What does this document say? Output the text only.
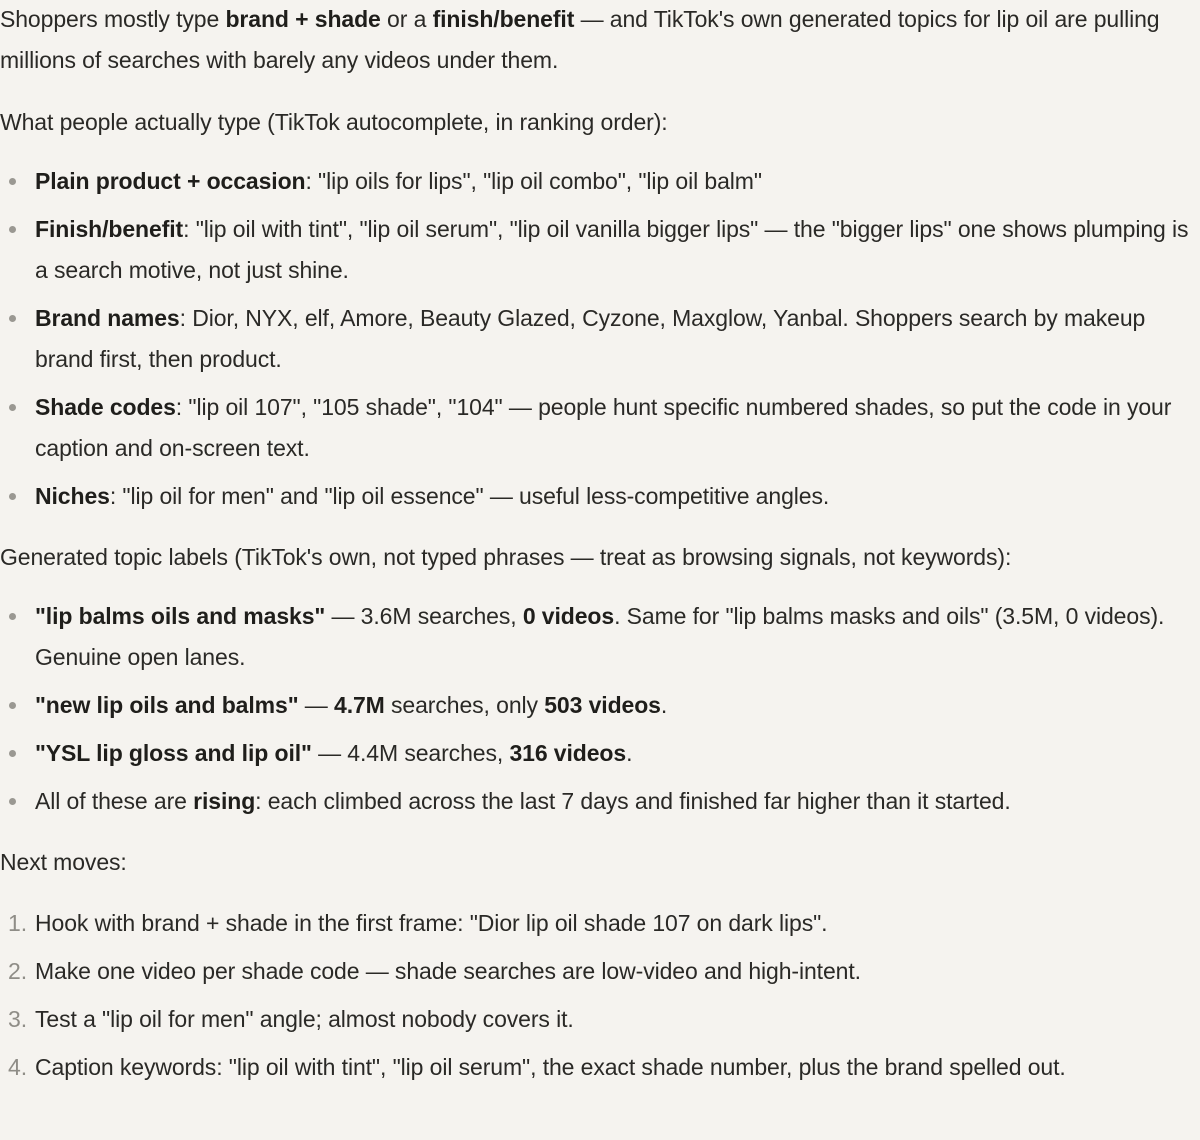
Shoppers mostly type brand + shade or a finish/benefit — and TikTok's own generated topics for lip oil are pulling millions of searches with barely any videos under them.

What people actually type (TikTok autocomplete, in ranking order):

Plain product + occasion: "lip oils for lips", "lip oil combo", "lip oil balm"
Finish/benefit: "lip oil with tint", "lip oil serum", "lip oil vanilla bigger lips" — the "bigger lips" one shows plumping is a search motive, not just shine.
Brand names: Dior, NYX, elf, Amore, Beauty Glazed, Cyzone, Maxglow, Yanbal. Shoppers search by makeup brand first, then product.
Shade codes: "lip oil 107", "105 shade", "104" — people hunt specific numbered shades, so put the code in your caption and on-screen text.
Niches: "lip oil for men" and "lip oil essence" — useful less-competitive angles.

Generated topic labels (TikTok's own, not typed phrases — treat as browsing signals, not keywords):

"lip balms oils and masks" — 3.6M searches, 0 videos. Same for "lip balms masks and oils" (3.5M, 0 videos). Genuine open lanes.
"new lip oils and balms" — 4.7M searches, only 503 videos.
"YSL lip gloss and lip oil" — 4.4M searches, 316 videos.
All of these are rising: each climbed across the last 7 days and finished far higher than it started.

Next moves:

1. Hook with brand + shade in the first frame: "Dior lip oil shade 107 on dark lips".
2. Make one video per shade code — shade searches are low-video and high-intent.
3. Test a "lip oil for men" angle; almost nobody covers it.
4. Caption keywords: "lip oil with tint", "lip oil serum", the exact shade number, plus the brand spelled out.
